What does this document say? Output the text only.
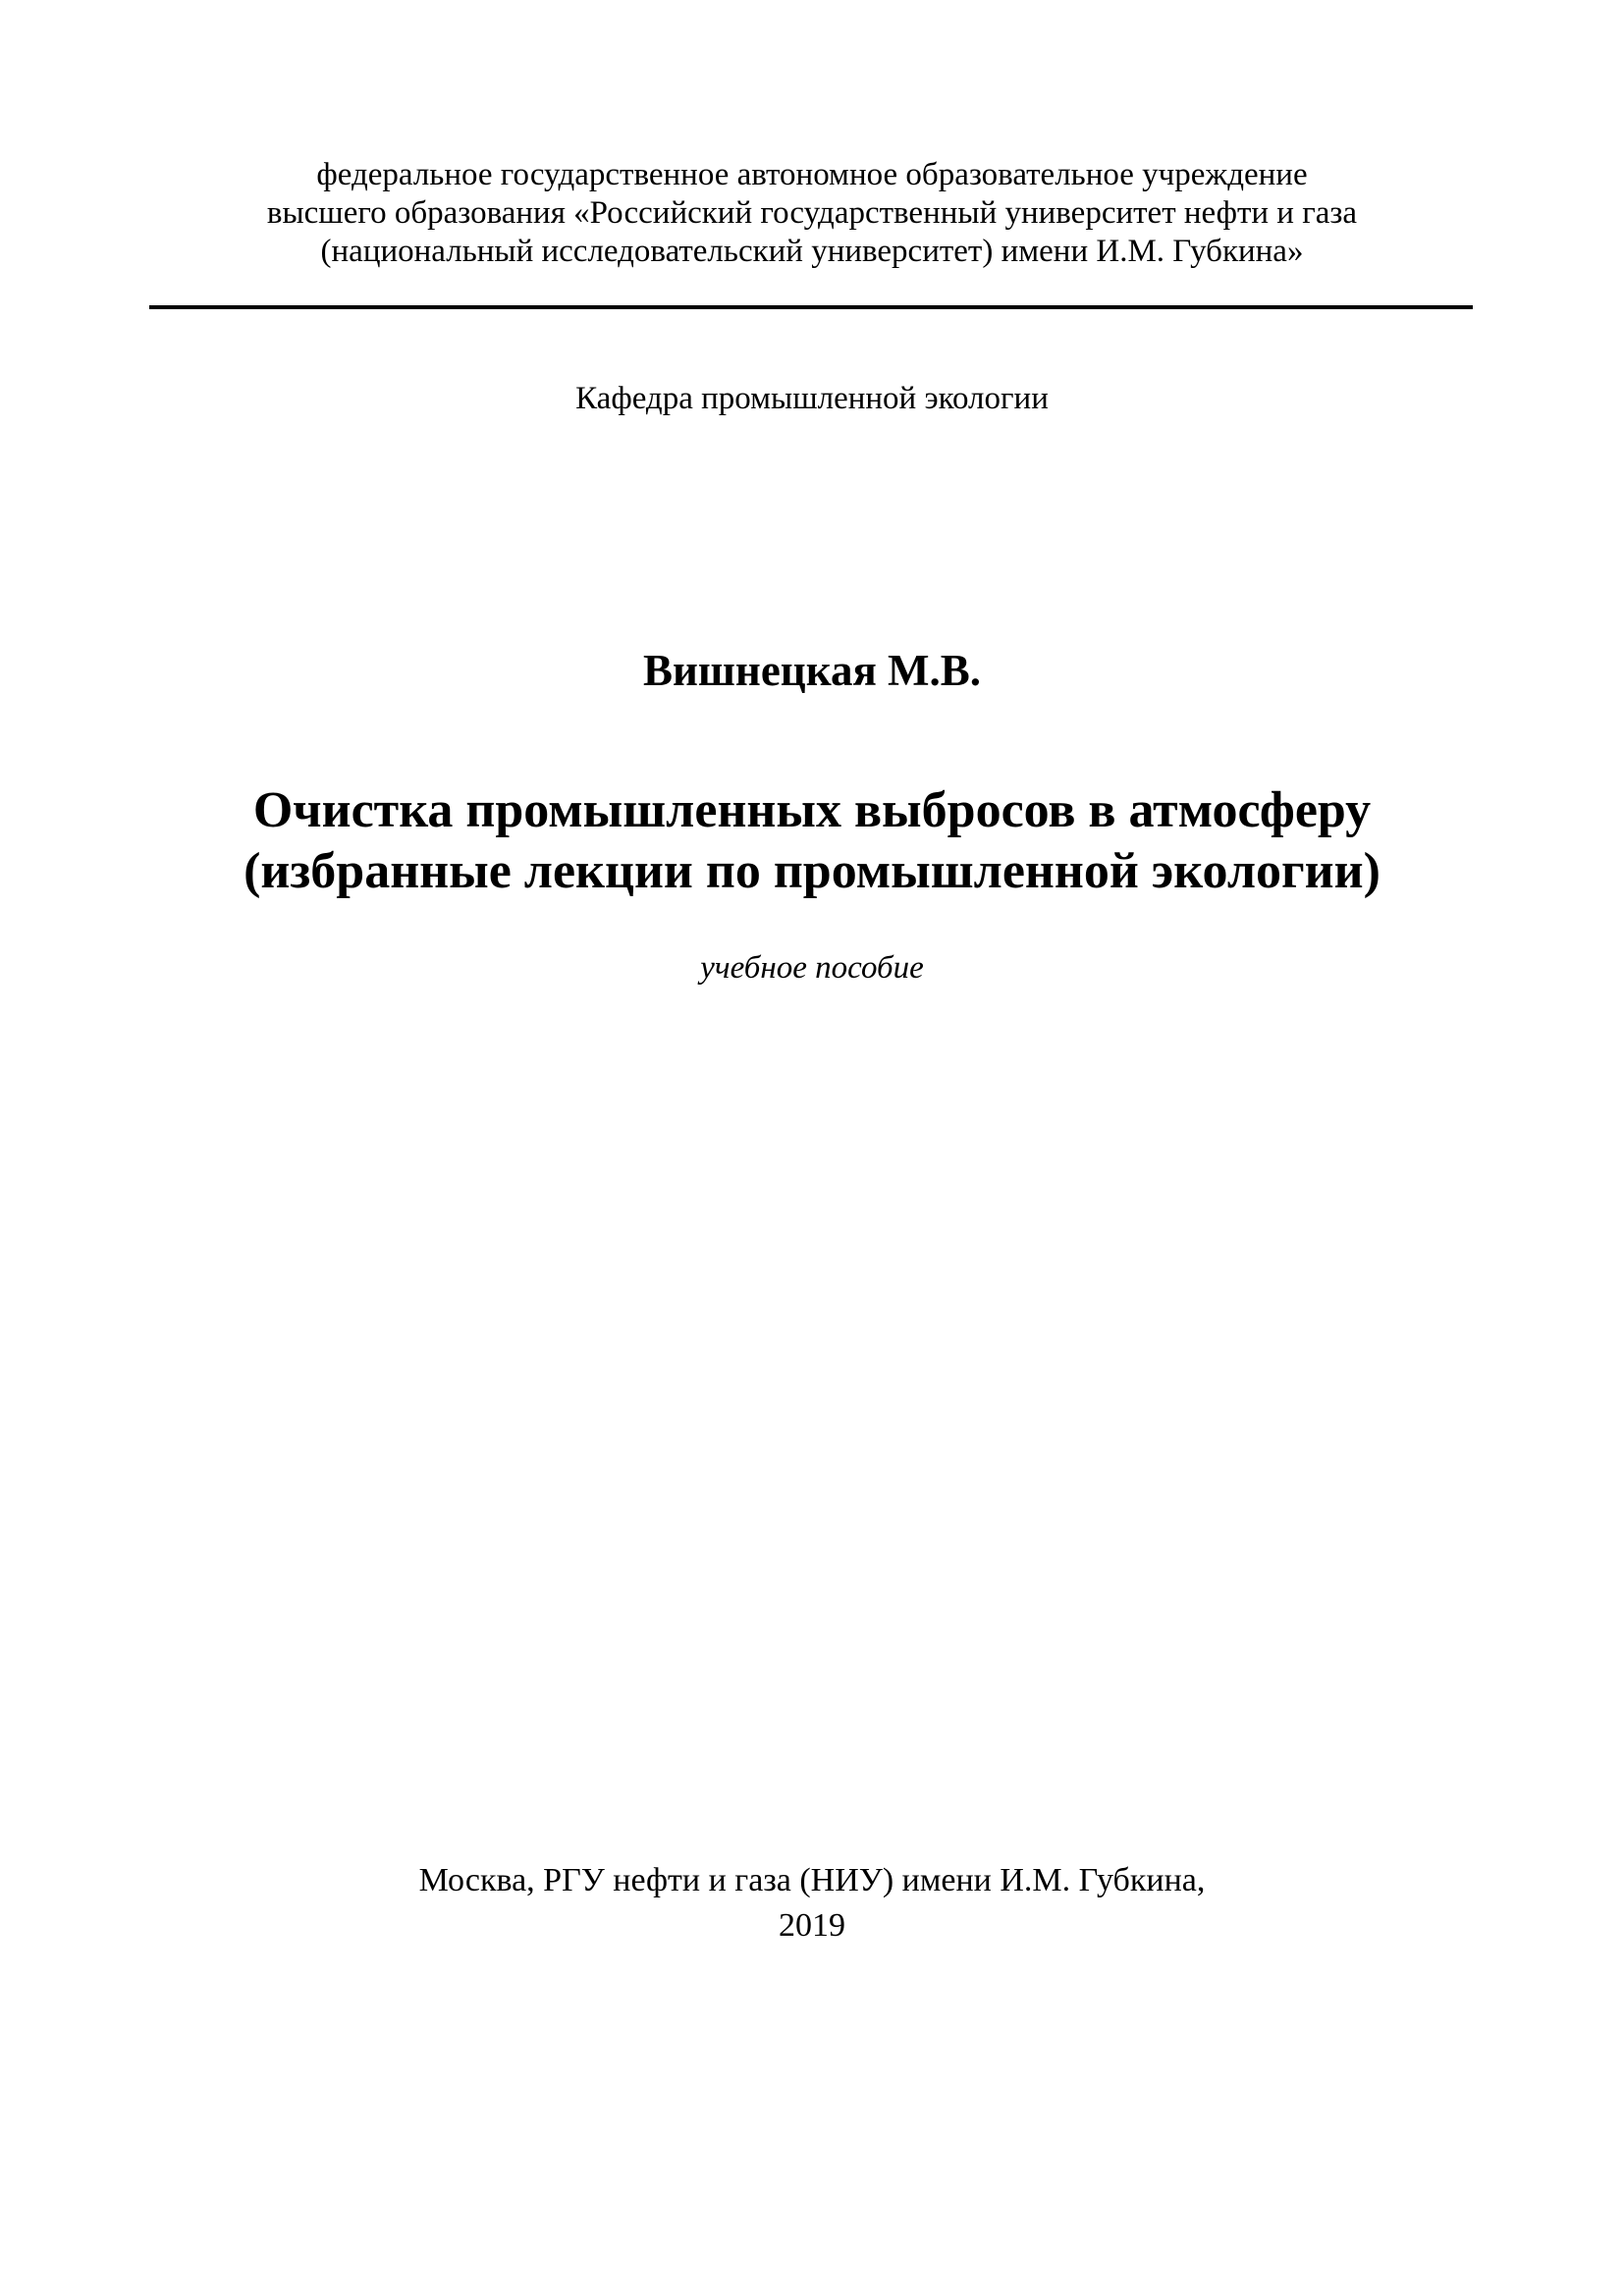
федеральное государственное автономное образовательное учреждение
высшего образования «Российский государственный университет нефти и газа
(национальный исследовательский университет) имени И.М. Губкина»
Кафедра промышленной экологии
Вишнецкая М.В.
Очистка промышленных выбросов в атмосферу
(избранные лекции по промышленной экологии)
учебное пособие
Москва, РГУ нефти и газа (НИУ) имени И.М. Губкина,
2019
